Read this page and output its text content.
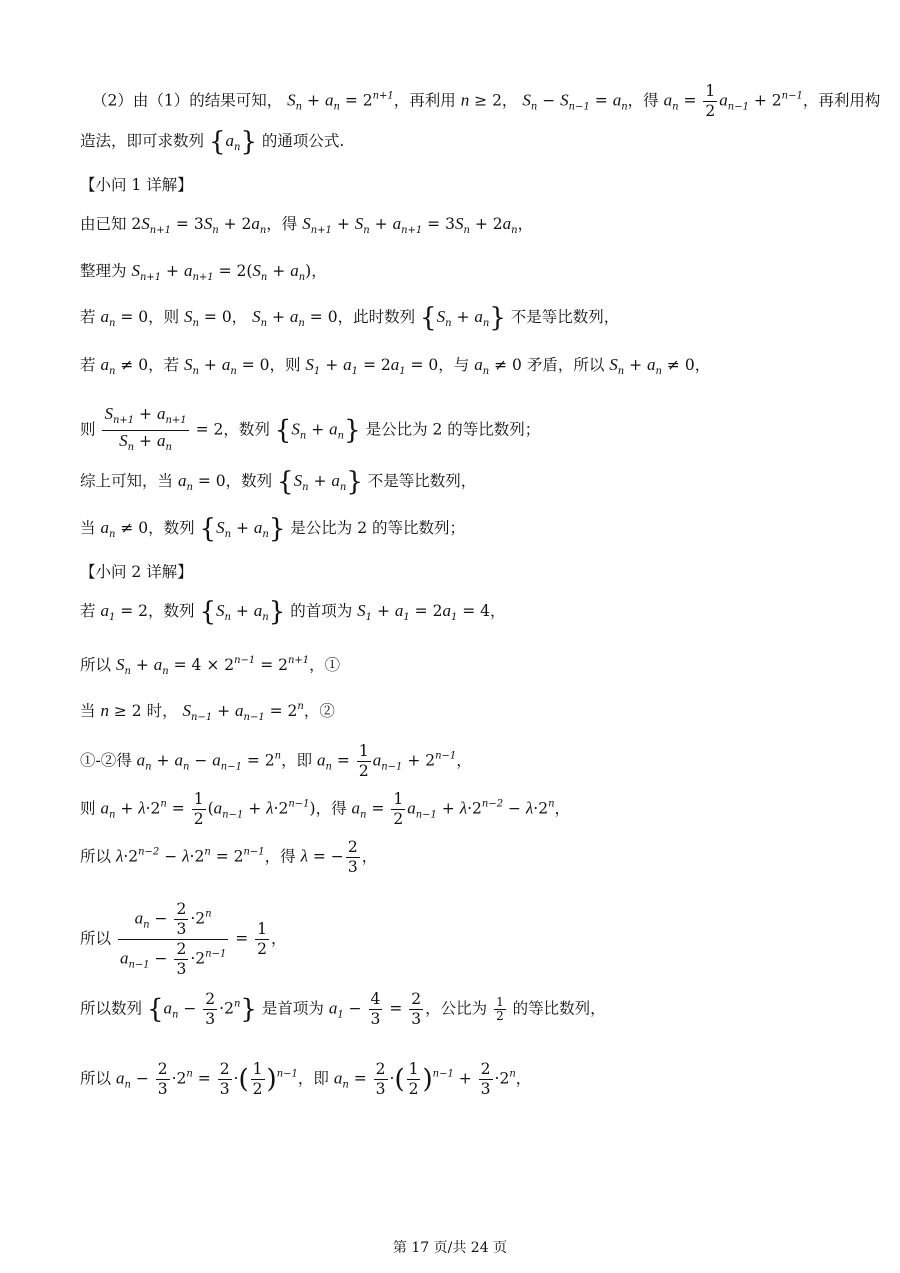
（2）由（1）的结果可知， $S_n + a_n = 2^{n+1}$，再利用 n ≥ 2， $S_n - S_{n-1} = a_n$，得 $a_n = \frac{1}{2} a_{n-1} + 2^{n-1}$，再利用构
造法，即可求数列 $\{a_n\}$ 的通项公式.
【小问 1 详解】
由已知 $2S_{n+1} = 3S_n + 2a_n$，得 $S_{n+1} + S_n + a_{n+1} = 3S_n + 2a_n$，
整理为 $S_{n+1} + a_{n+1} = 2(S_n + a_n)$，
若 $a_n = 0$，则 $S_n = 0$， $S_n + a_n = 0$，此时数列 $\{S_n + a_n\}$ 不是等比数列，
若 $a_n \ne 0$，若 $S_n + a_n = 0$，则 $S_1 + a_1 = 2a_1 = 0$，与 $a_n \ne 0$ 矛盾，所以 $S_n + a_n \ne 0$，
则 $\frac{S_{n+1} + a_{n+1}}{S_n + a_n} = 2$，数列 $\{S_n + a_n\}$ 是公比为 2 的等比数列；
综上可知，当 $a_n = 0$，数列 $\{S_n + a_n\}$ 不是等比数列，
当 $a_n \ne 0$，数列 $\{S_n + a_n\}$ 是公比为 2 的等比数列；
【小问 2 详解】
若 $a_1 = 2$，数列 $\{S_n + a_n\}$ 的首项为 $S_1 + a_1 = 2a_1 = 4$，
所以 $S_n + a_n = 4 \times 2^{n-1} = 2^{n+1}$，①
当 n ≥ 2 时， $S_{n-1} + a_{n-1} = 2^n$，②
①-②得 $a_n + a_n - a_{n-1} = 2^n$，即 $a_n = \frac{1}{2} a_{n-1} + 2^{n-1}$，
则 $a_n + \lambda\cdot 2^n = \frac{1}{2} (a_{n-1} + \lambda\cdot 2^{n-1})$，得 $a_n = \frac{1}{2} a_{n-1} + \lambda\cdot 2^{n-2} - \lambda\cdot 2^n$，
所以 $\lambda\cdot 2^{n-2} - \lambda\cdot 2^n = 2^{n-1}$，得 λ = − $\frac{2}{3}$ ，
所以 $\frac{a_n - \frac{2}{3} \cdot 2^n}{a_{n-1} - \frac{2}{3} \cdot 2^{n-1}} = \frac{1}{2}$ ，
所以数列 $\{a_n - \frac{2}{3} \cdot 2^n\}$ 是首项为 $a_1 - \frac{4}{3} = \frac{2}{3}$ ，公比为 $\frac{1}{2}$ 的等比数列，
所以 $a_n - \frac{2}{3} \cdot 2^n = \frac{2}{3}$ ·( $\frac{1}{2} )^{n-1}$，即 $a_n = \frac{2}{3}$ ·( $\frac{1}{2} )^{n-1} + \frac{2}{3} \cdot 2^n$，
第 17 页/共 24 页
